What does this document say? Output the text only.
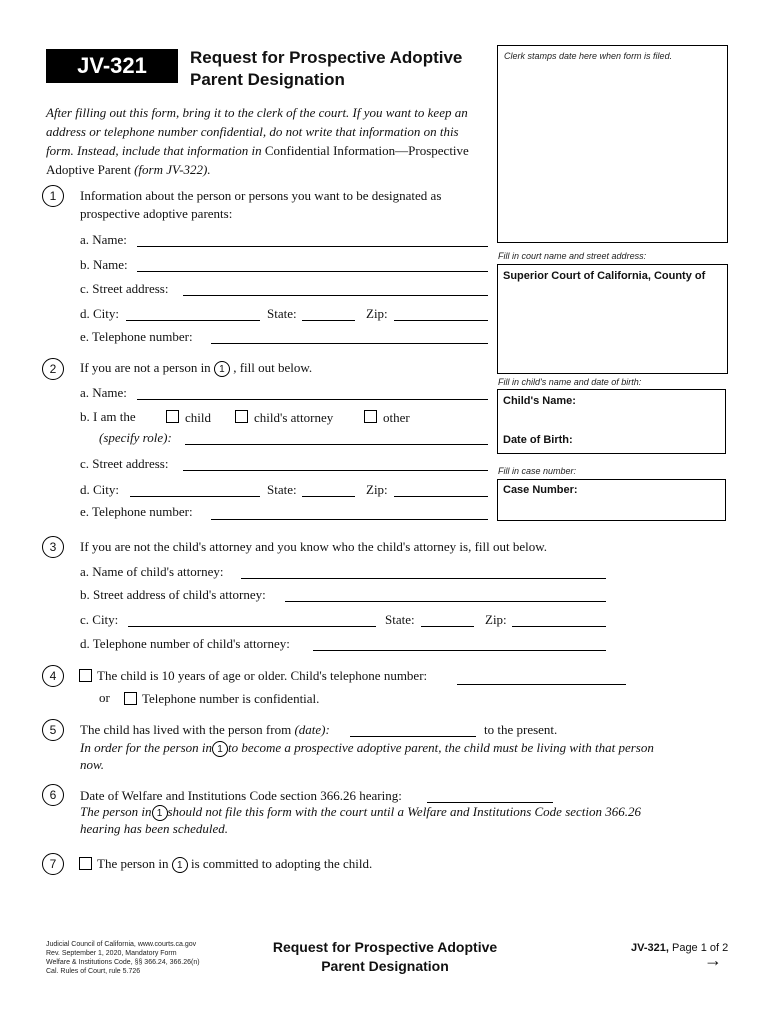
JV-321	Request for Prospective Adoptive
Parent Designation
Clerk stamps date here when form is filed.
After filling out this form, bring it to the clerk of the court. If you want to keep an address or telephone number confidential, do not write that information on this form. Instead, include that information in Confidential Information—Prospective Adoptive Parent (form JV-322).
Fill in court name and street address:
Superior Court of California, County of
Fill in child's name and date of birth:
Child's Name:
Date of Birth:
Fill in case number:
Case Number:
1	Information about the person or persons you want to be designated as
prospective adoptive parents:
a. Name:
b. Name:
c. Street address:
d. City:	State:	Zip:
e. Telephone number:
2	If you are not a person in 1 , fill out below.
a. Name:
b. I am the	child	child's attorney	other
(specify role):
c. Street address:
d. City:	State:	Zip:
e. Telephone number:
3	If you are not the child's attorney and you know who the child's attorney is, fill out below.
a. Name of child's attorney:
b. Street address of child's attorney:
c. City:	State:	Zip:
d. Telephone number of child's attorney:
4	The child is 10 years of age or older. Child's telephone number:
or Telephone number is confidential.
5	The child has lived with the person from (date):	to the present.
In order for the person in 1 to become a prospective adoptive parent, the child must be living with that person
now.
6	Date of Welfare and Institutions Code section 366.26 hearing:
The person in 1 should not file this form with the court until a Welfare and Institutions Code section 366.26
hearing has been scheduled.
7	The person in 1 is committed to adopting the child.
Judicial Council of California, www.courts.ca.gov
Rev. September 1, 2020, Mandatory Form
Welfare & Institutions Code, §§ 366.24, 366.26(n)
Cal. Rules of Court, rule 5.726
Request for Prospective Adoptive
Parent Designation
JV-321, Page 1 of 2
→
